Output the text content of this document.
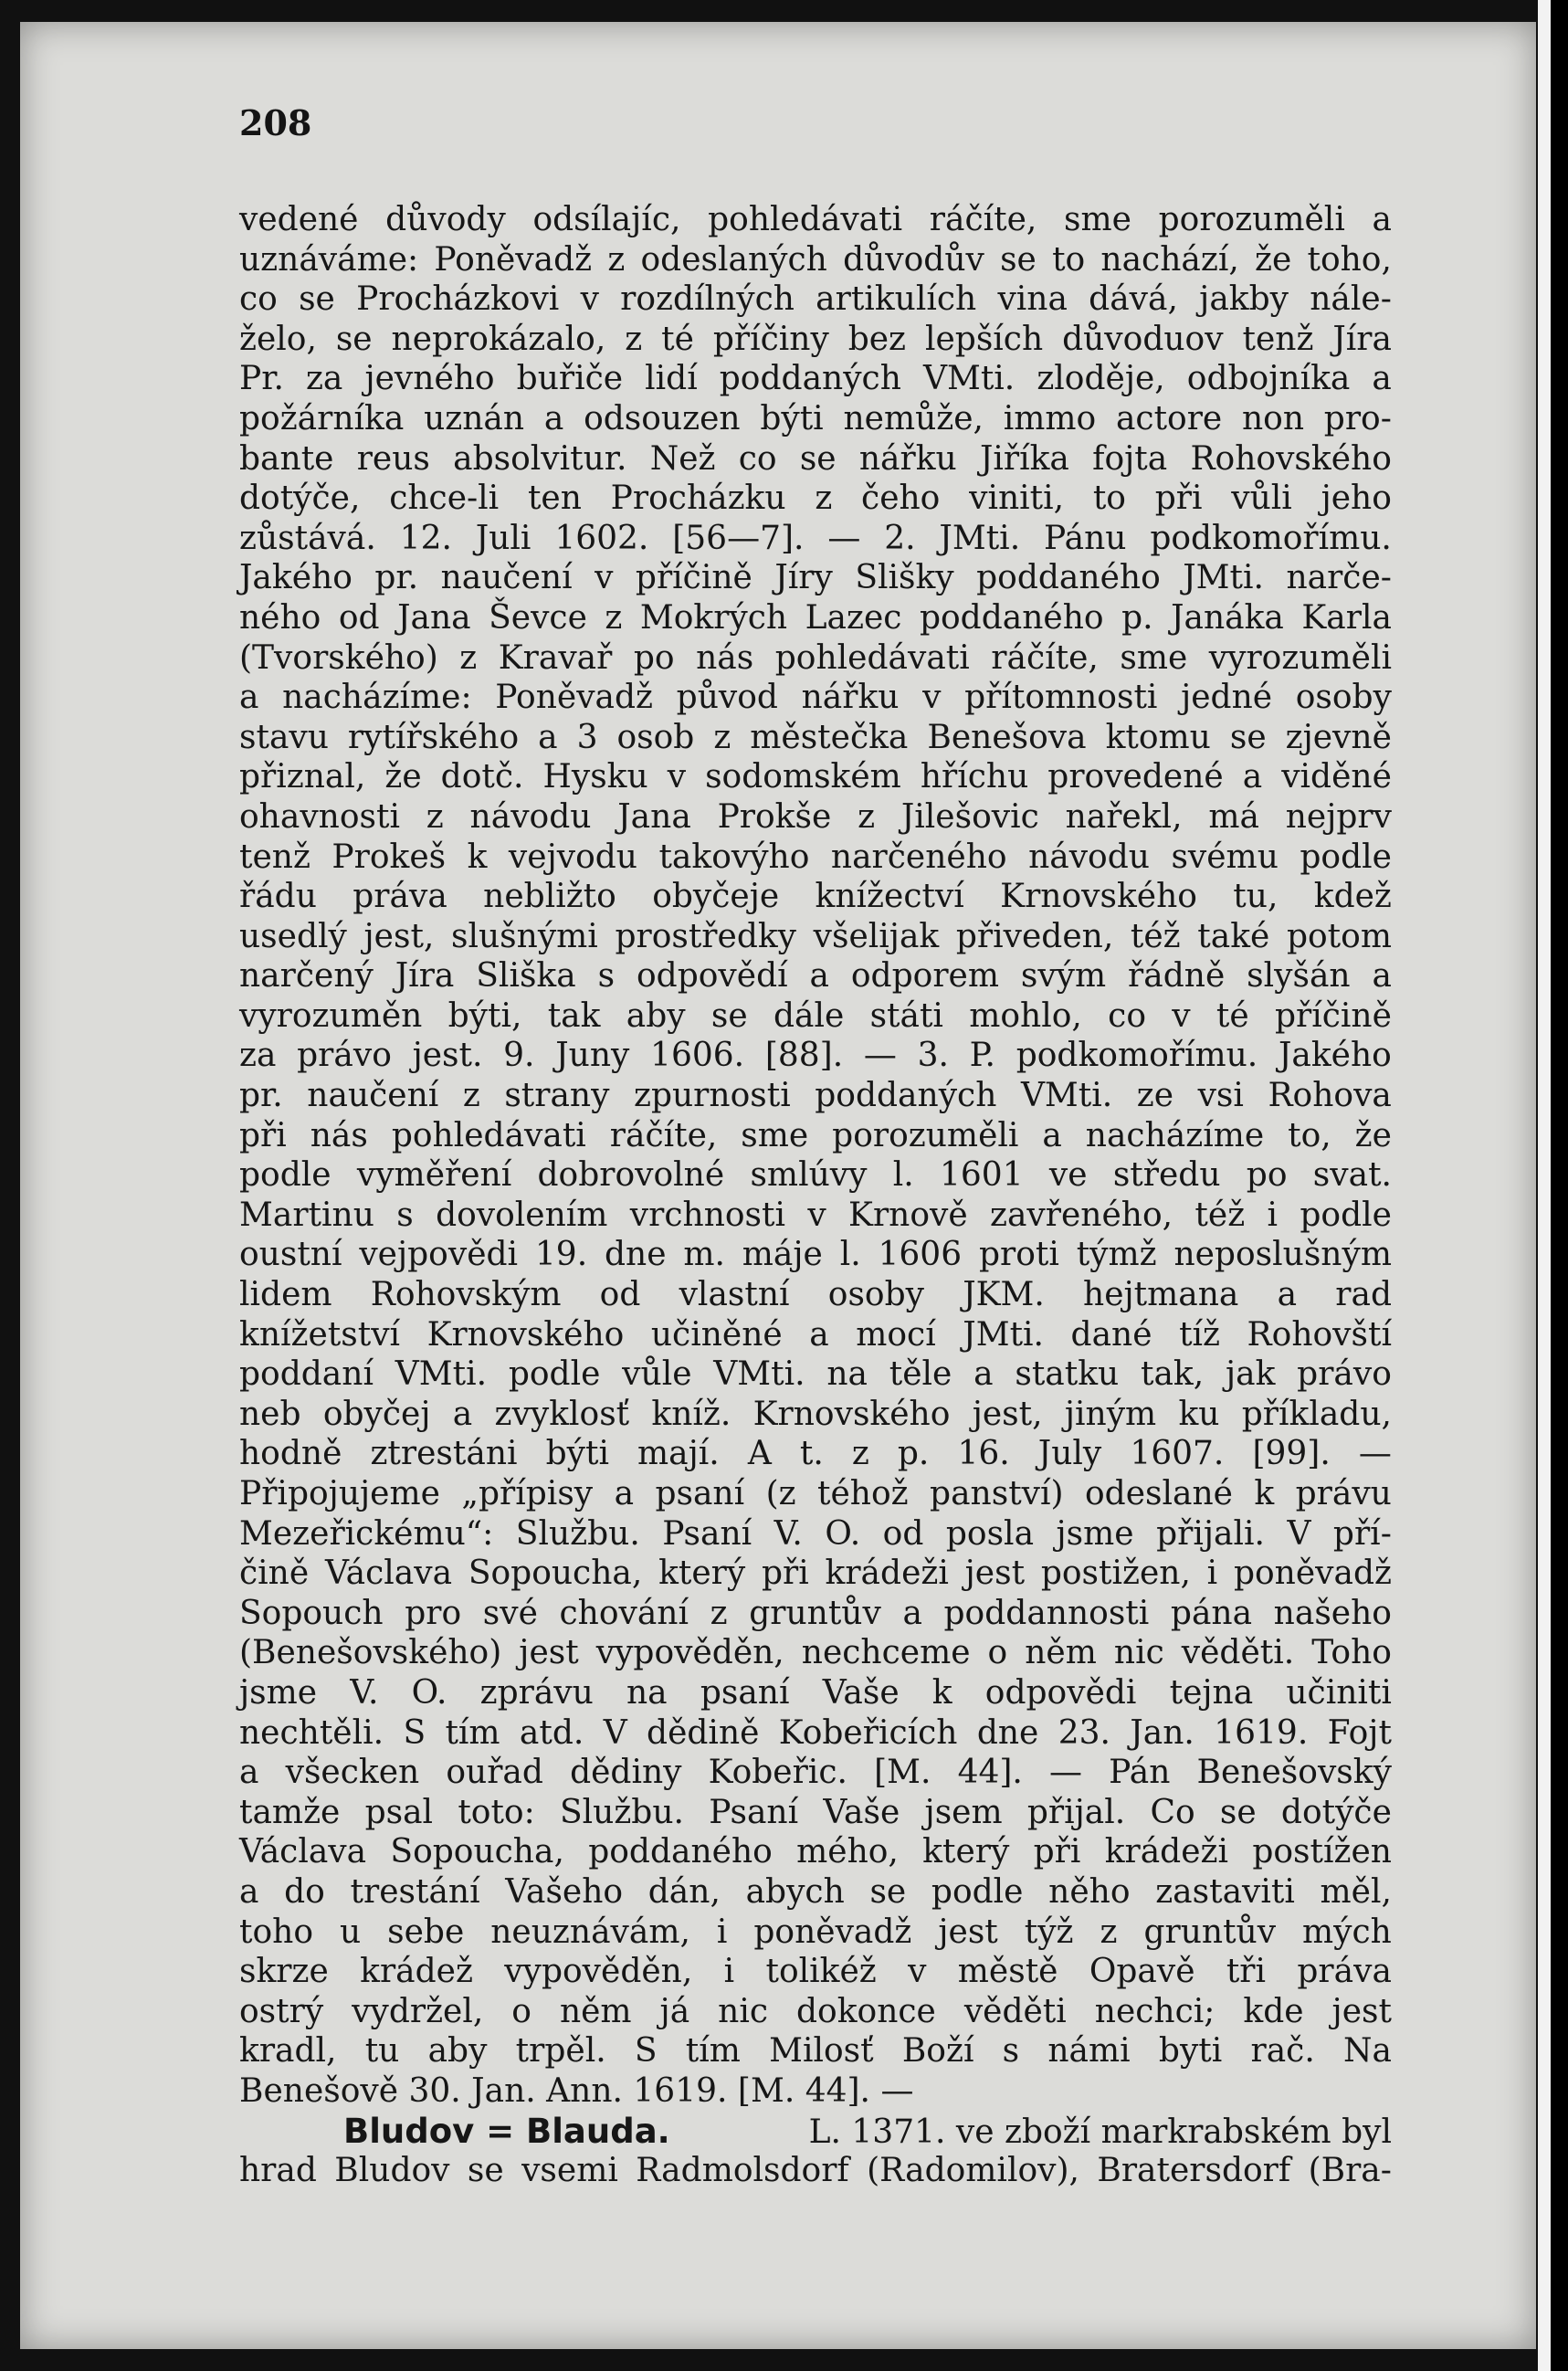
208
vedené důvody odsílajíc, pohledávati ráčíte, sme porozuměli a
uznáváme: Poněvadž z odeslaných důvodův se to nachází, že toho,
co se Procházkovi v rozdílných artikulích vina dává, jakby nále-
želo, se neprokázalo, z té příčiny bez lepších důvoduov tenž Jíra
Pr. za jevného buřiče lidí poddaných VMti. zloděje, odbojníka a
požárníka uznán a odsouzen býti nemůže, immo actore non pro-
bante reus absolvitur. Než co se nářku Jiříka fojta Rohovského
dotýče, chce-li ten Procházku z čeho viniti, to při vůli jeho
zůstává. 12. Juli 1602. [56—7]. — 2. JMti. Pánu podkomořímu.
Jakého pr. naučení v příčině Jíry Slišky poddaného JMti. narče-
ného od Jana Ševce z Mokrých Lazec poddaného p. Janáka Karla
(Tvorského) z Kravař po nás pohledávati ráčíte, sme vyrozuměli
a nacházíme: Poněvadž původ nářku v přítomnosti jedné osoby
stavu rytířského a 3 osob z městečka Benešova ktomu se zjevně
přiznal, že dotč. Hysku v sodomském hříchu provedené a viděné
ohavnosti z návodu Jana Prokše z Jilešovic nařekl, má nejprv
tenž Prokeš k vejvodu takovýho narčeného návodu svému podle
řádu práva nebližto obyčeje knížectví Krnovského tu, kdež
usedlý jest, slušnými prostředky všelijak přiveden, též také potom
narčený Jíra Sliška s odpovědí a odporem svým řádně slyšán a
vyrozuměn býti, tak aby se dále státi mohlo, co v té příčině
za právo jest. 9. Juny 1606. [88]. — 3. P. podkomořímu. Jakého
pr. naučení z strany zpurnosti poddaných VMti. ze vsi Rohova
při nás pohledávati ráčíte, sme porozuměli a nacházíme to, že
podle vyměření dobrovolné smlúvy l. 1601 ve středu po svat.
Martinu s dovolením vrchnosti v Krnově zavřeného, též i podle
oustní vejpovědi 19. dne m. máje l. 1606 proti týmž neposlušným
lidem Rohovským od vlastní osoby JKM. hejtmana a rad
knížetství Krnovského učiněné a mocí JMti. dané tíž Rohovští
poddaní VMti. podle vůle VMti. na těle a statku tak, jak právo
neb obyčej a zvyklosť kníž. Krnovského jest, jiným ku příkladu,
hodně ztrestáni býti mají. A t. z p. 16. July 1607. [99]. —
Připojujeme „přípisy a psaní (z téhož panství) odeslané k právu
Mezeřickému“: Službu. Psaní V. O. od posla jsme přijali. V pří-
čině Václava Sopoucha, který při krádeži jest postižen, i poněvadž
Sopouch pro své chování z gruntův a poddannosti pána našeho
(Benešovského) jest vypověděn, nechceme o něm nic věděti. Toho
jsme V. O. zprávu na psaní Vaše k odpovědi tejna učiniti
nechtěli. S tím atd. V dědině Kobeřicích dne 23. Jan. 1619. Fojt
a všecken ouřad dědiny Kobeřic. [M. 44]. — Pán Benešovský
tamže psal toto: Službu. Psaní Vaše jsem přijal. Co se dotýče
Václava Sopoucha, poddaného mého, který při krádeži postížen
a do trestání Vašeho dán, abych se podle něho zastaviti měl,
toho u sebe neuznávám, i poněvadž jest týž z gruntův mých
skrze krádež vypověděn, i tolikéž v městě Opavě tři práva
ostrý vydržel, o něm já nic dokonce věděti nechci; kde jest
kradl, tu aby trpěl. S tím Milosť Boží s námi byti rač. Na
Benešově 30. Jan. Ann. 1619. [M. 44]. —
Bludov = Blauda.	L. 1371. ve zboží markrabském byl
hrad Bludov se vsemi Radmolsdorf (Radomilov), Bratersdorf (Bra-
